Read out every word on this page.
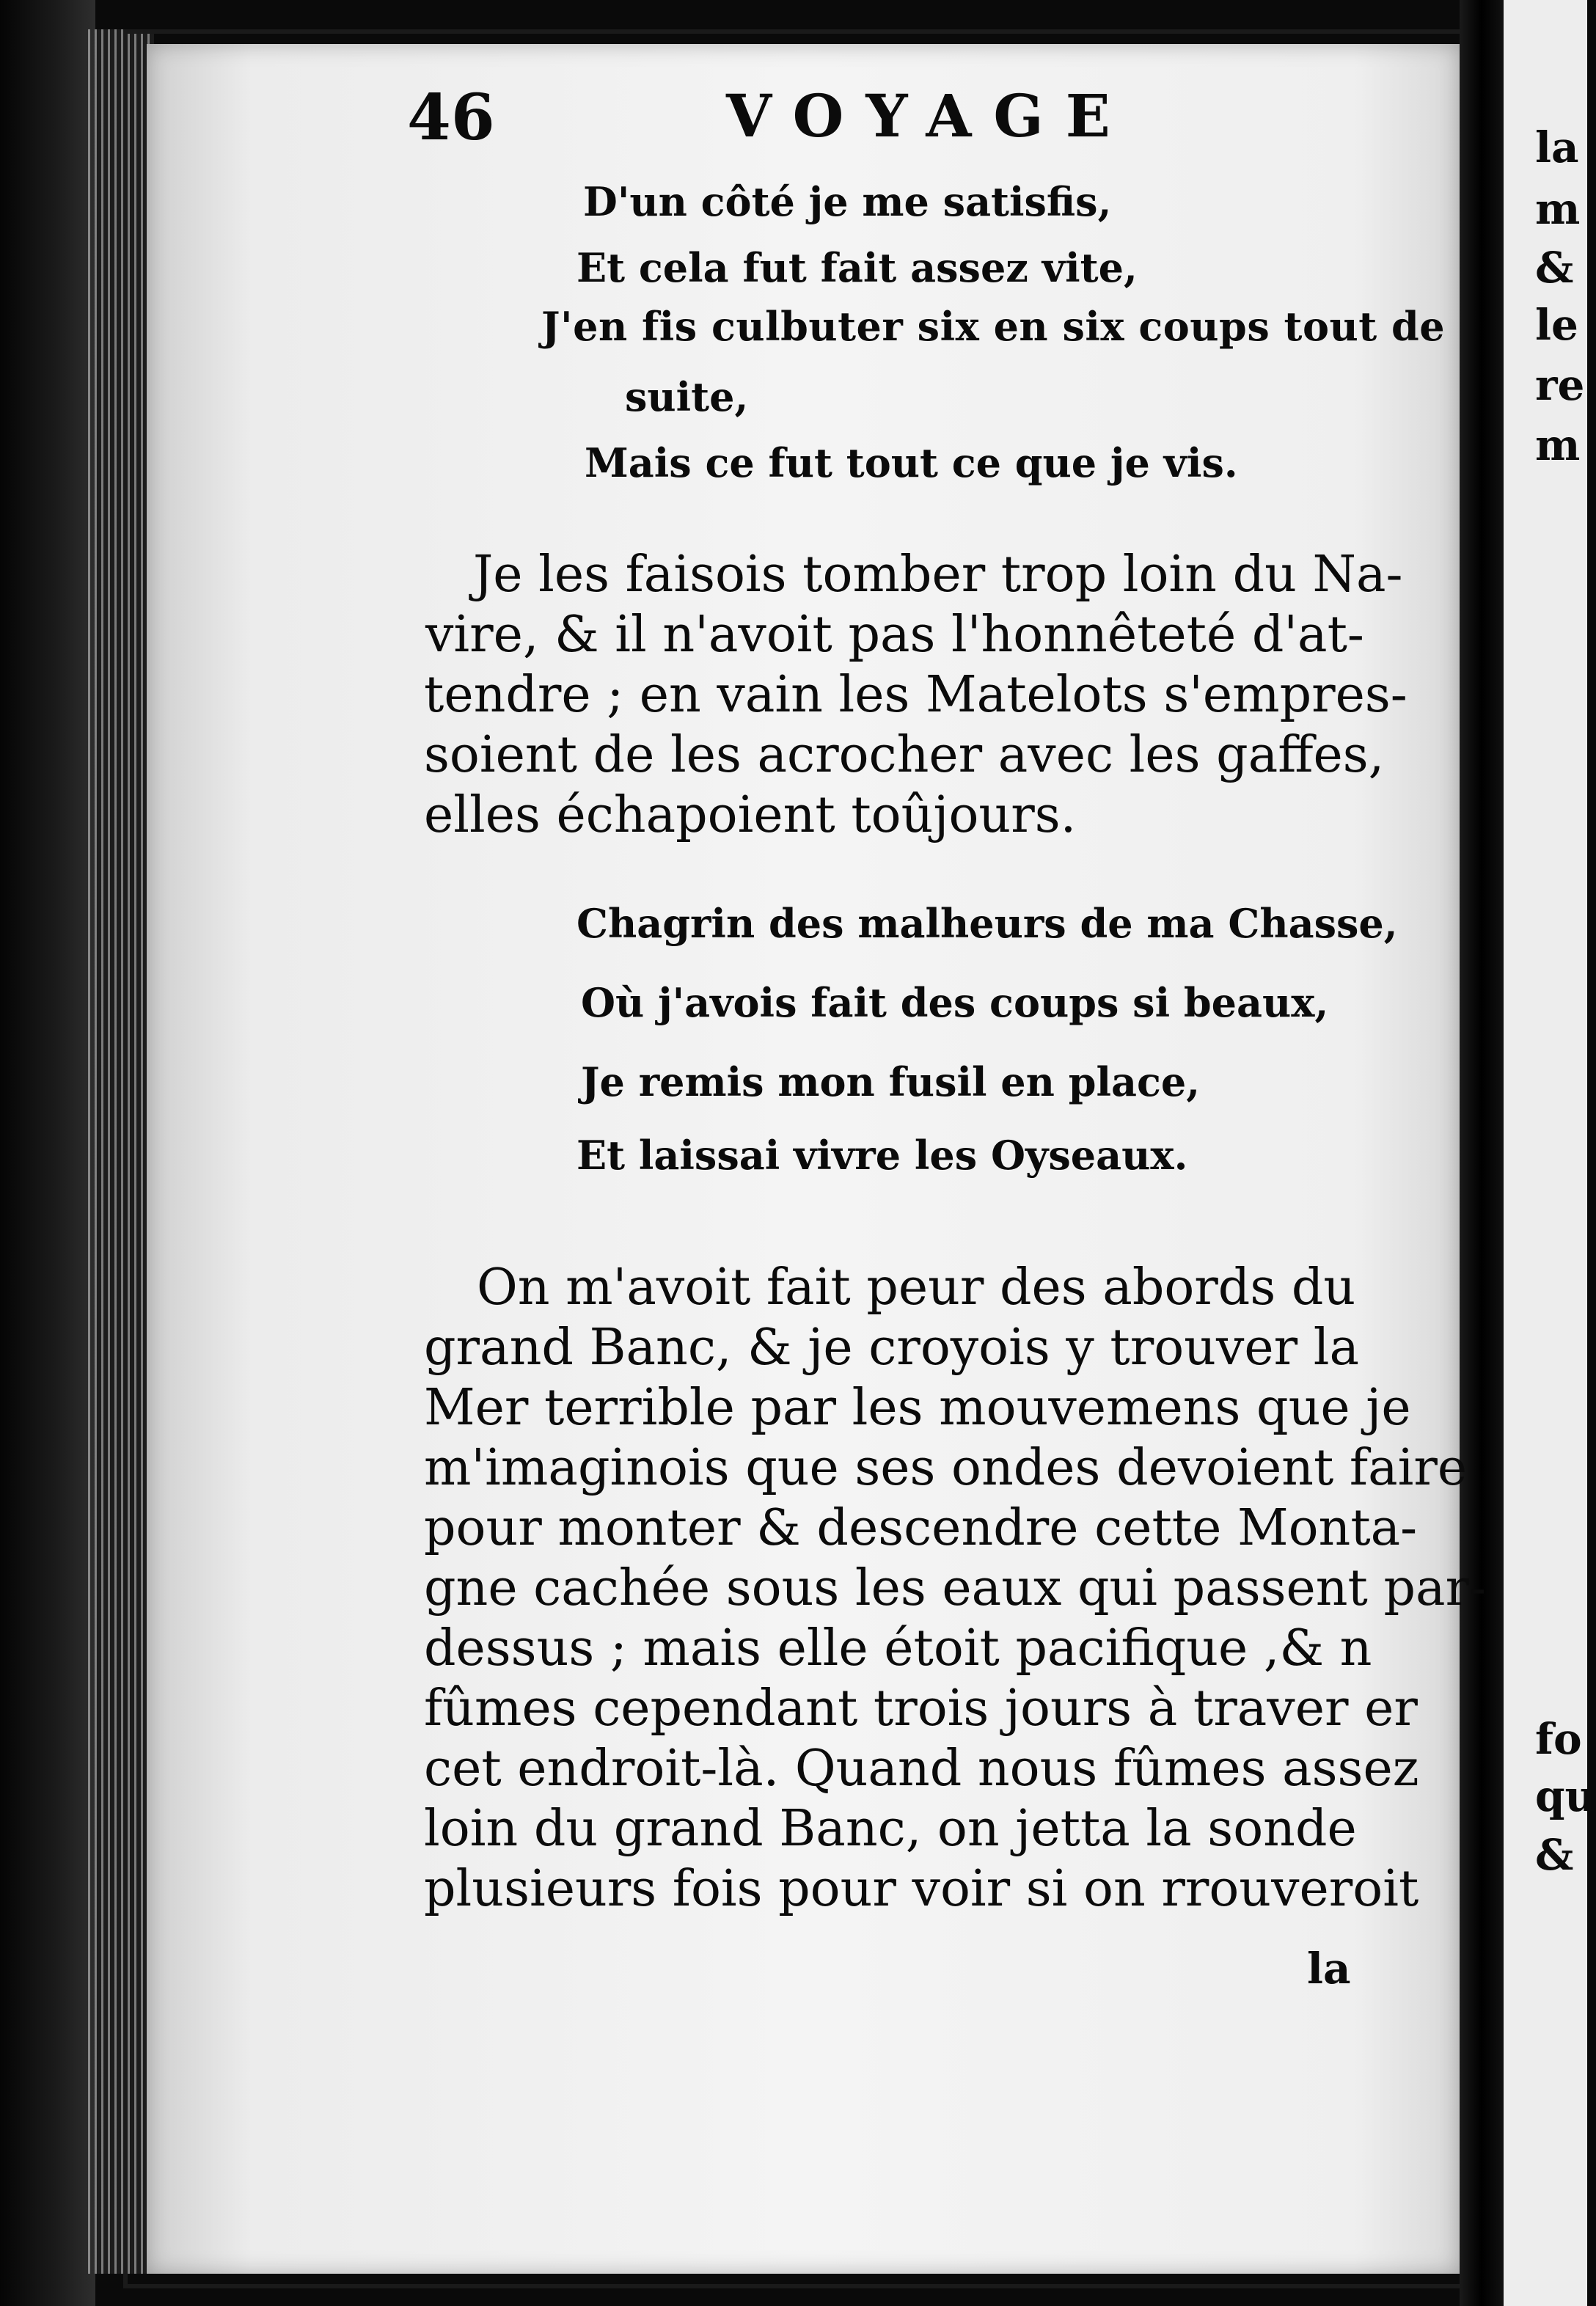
46	VOYAGE
D'un côté je me satisfis,
Et cela fut fait assez vite,
J'en fis culbuter six en six coups tout de
suite,
Mais ce fut tout ce que je vis.
Je les faisois tomber trop loin du Na-
vire, & il n'avoit pas l'honnêteté d'at-
tendre ; en vain les Matelots s'empres-
soient de les acrocher avec les gaffes,
elles échapoient toûjours.
Chagrin des malheurs de ma Chasse,
Où j'avois fait des coups si beaux,
Je remis mon fusil en place,
Et laissai vivre les Oyseaux.
On m'avoit fait peur des abords du
grand Banc, & je croyois y trouver la
Mer terrible par les mouvemens que je
m'imaginois que ses ondes devoient faire
pour monter & descendre cette Monta-
gne cachée sous les eaux qui passent par-
dessus ; mais elle étoit pacifique ,& n
fûmes cependant trois jours à traver er
cet endroit-là. Quand nous fûmes assez
loin du grand Banc, on jetta la sonde
plusieurs fois pour voir si on rrouveroit
la
la
m
&
le
re
m
fo
qu
&
